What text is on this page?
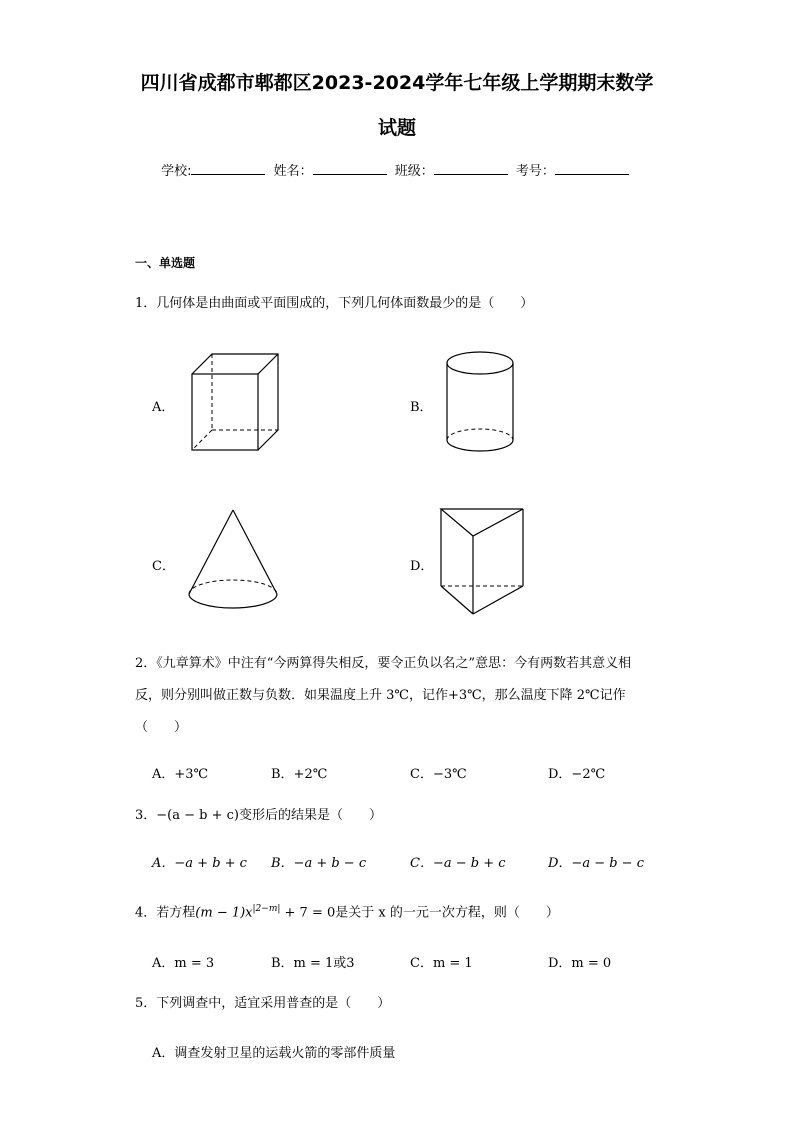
四川省成都市郫都区2023-2024学年七年级上学期期末数学
试题
学校:	姓名：	班级：	考号：
一、单选题
1．几何体是由曲面或平面围成的，下列几何体面数最少的是（　　）
A．	B．
C．	D．
2．《九章算术》中注有“今两算得失相反，要令正负以名之”意思：今有两数若其意义相
反，则分别叫做正数与负数．如果温度上升 3℃，记作+3℃，那么温度下降 2℃记作
（　　）
A．+3℃	B．+2℃	C．−3℃	D．−2℃
3．−(a − b + c)变形后的结果是（　　）
A．−a + b + c B．−a + b − c	C．−a − b + c	D．−a − b − c
4．若方程$(m - 1)x^{|2-m|} + 7 = 0$是关于 x 的一元一次方程，则（　　）
A．m = 3	B．m = 1或3	C．m = 1	D．m = 0
5．下列调查中，适宜采用普查的是（　　）
A．调查发射卫星的运载火箭的零部件质量
